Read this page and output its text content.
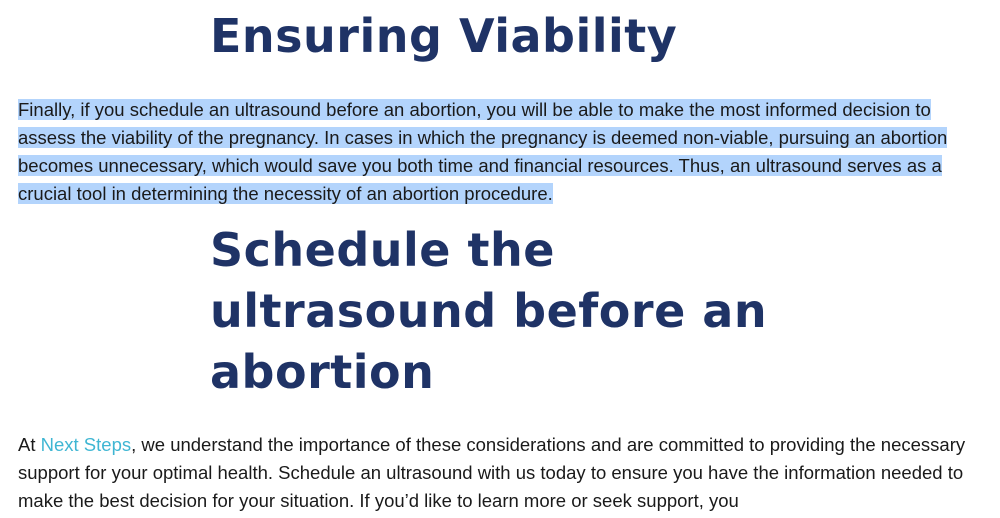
Ensuring Viability

Finally, if you schedule an ultrasound before an abortion, you will be able to make the most informed decision to assess the viability of the pregnancy. In cases in which the pregnancy is deemed non-viable, pursuing an abortion becomes unnecessary, which would save you both time and financial resources. Thus, an ultrasound serves as a crucial tool in determining the necessity of an abortion procedure.

Schedule the ultrasound before an abortion

At Next Steps, we understand the importance of these considerations and are committed to providing the necessary support for your optimal health. Schedule an ultrasound with us today to ensure you have the information needed to make the best decision for your situation. If you’d like to learn more or seek support, you
